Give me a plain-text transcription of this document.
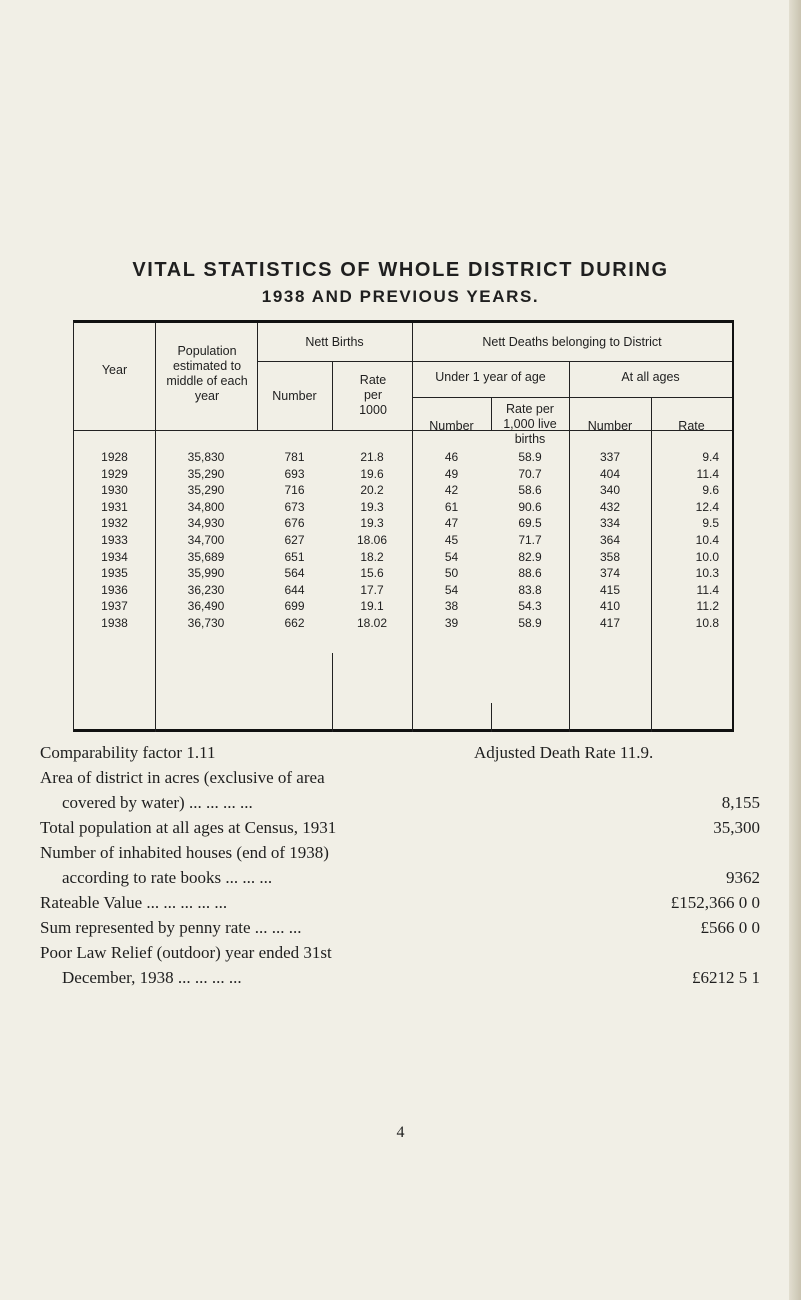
VITAL STATISTICS OF WHOLE DISTRICT DURING
1938 AND PREVIOUS YEARS.
Year
Population estimated to middle of each year
Nett Births
Number
Rate per 1000
Nett Deaths belonging to District
Under 1 year of age	At all ages
Number
Rate per 1,000 live births
Number	Rate
1928	35,830	781	21.8	46	58.9	337	9.4
1929	35,290	693	19.6	49	70.7	404	11.4
1930	35,290	716	20.2	42	58.6	340	9.6
1931	34,800	673	19.3	61	90.6	432	12.4
1932	34,930	676	19.3	47	69.5	334	9.5
1933	34,700	627	18.06	45	71.7	364	10.4
1934	35,689	651	18.2	54	82.9	358	10.0
1935	35,990	564	15.6	50	88.6	374	10.3
1936	36,230	644	17.7	54	83.8	415	11.4
1937	36,490	699	19.1	38	54.3	410	11.2
1938	36,730	662	18.02	39	58.9	417	10.8
Comparability factor 1.11	Adjusted Death Rate 11.9.
Area of district in acres (exclusive of area
covered by water) ... ... ... ...	8,155
Total population at all ages at Census, 1931	35,300
Number of inhabited houses (end of 1938)
according to rate books ... ... ...	9362
Rateable Value ... ... ... ... ...	£152,366 0 0
Sum represented by penny rate ... ... ...	£566 0 0
Poor Law Relief (outdoor) year ended 31st
December, 1938 ... ... ... ...	£6212 5 1
4
